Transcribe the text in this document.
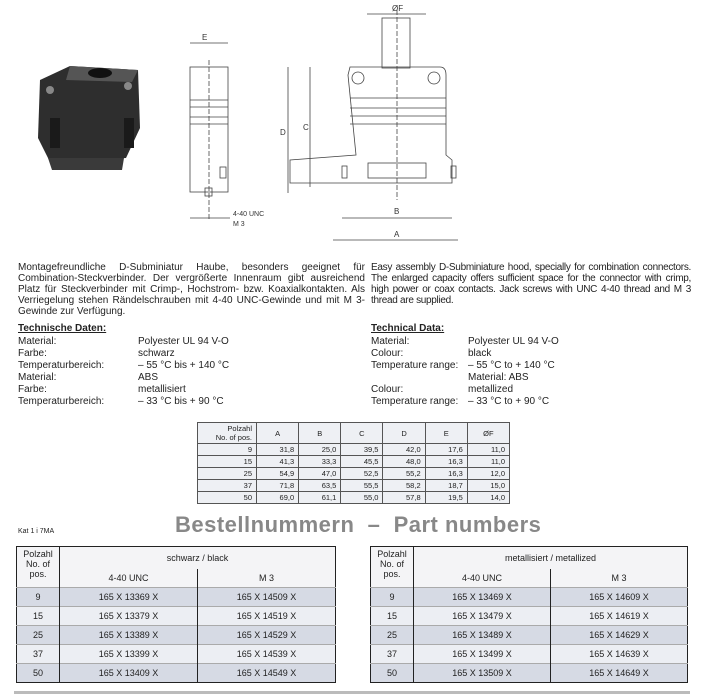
E
4-40 UNC
M 3
ØF
D
C
B
A
Montagefreundliche D-Subminiatur Haube, besonders geeignet für Combination-Steckverbinder. Der vergrößerte Innenraum gibt ausreichend Platz für Steckverbinder mit Crimp-, Hochstrom- bzw. Koaxialkontakten. Als Verriegelung stehen Rändelschrauben mit 4-40 UNC-Gewinde und mit M 3-Gewinde zur Verfügung.
Technische Daten:
Material:	Polyester UL 94 V-O
Farbe:	schwarz
Temperaturbereich:	– 55 °C bis + 140 °C
Material:	ABS
Farbe:	metallisiert
Temperaturbereich:	– 33 °C bis + 90 °C
Easy assembly D-Subminiature hood, specially for combination connectors. The enlarged capacity offers sufficient space for the connector with crimp, high power or coax contacts. Jack screws with UNC 4-40 thread and M 3 thread are supplied.
Technical Data:
Material:	Polyester UL 94 V-O
Colour:	black
Temperature range: – 55 °C to + 140 °C
Material: ABS
Colour:	metallized
Temperature range: – 33 °C to + 90 °C
Polzahl
No. of pos.	A	B	C	D	E	ØF
9	31,8	25,0	39,5	42,0	17,6	11,0
15	41,3	33,3	45,5	48,0	16,3	11,0
25	54,9	47,0	52,5	55,2	16,3	12,0
37	71,8	63,5	55,5	58,2	18,7	15,0
50	69,0	61,1	55,0	57,8	19,5	14,0
Kat 1 i 7MA	Bestellnummern  –  Part numbers
Polzahl
No. of
pos.	schwarz / black	
	4-40 UNC	M 3
9	165 X 13369 X	165 X 14509 X
15	165 X 13379 X	165 X 14519 X
25	165 X 13389 X	165 X 14529 X
37	165 X 13399 X	165 X 14539 X
50	165 X 13409 X	165 X 14549 X
Polzahl
No. of
pos.	metallisiert / metallized	
	4-40 UNC	M 3
9	165 X 13469 X	165 X 14609 X
15	165 X 13479 X	165 X 14619 X
25	165 X 13489 X	165 X 14629 X
37	165 X 13499 X	165 X 14639 X
50	165 X 13509 X	165 X 14649 X
